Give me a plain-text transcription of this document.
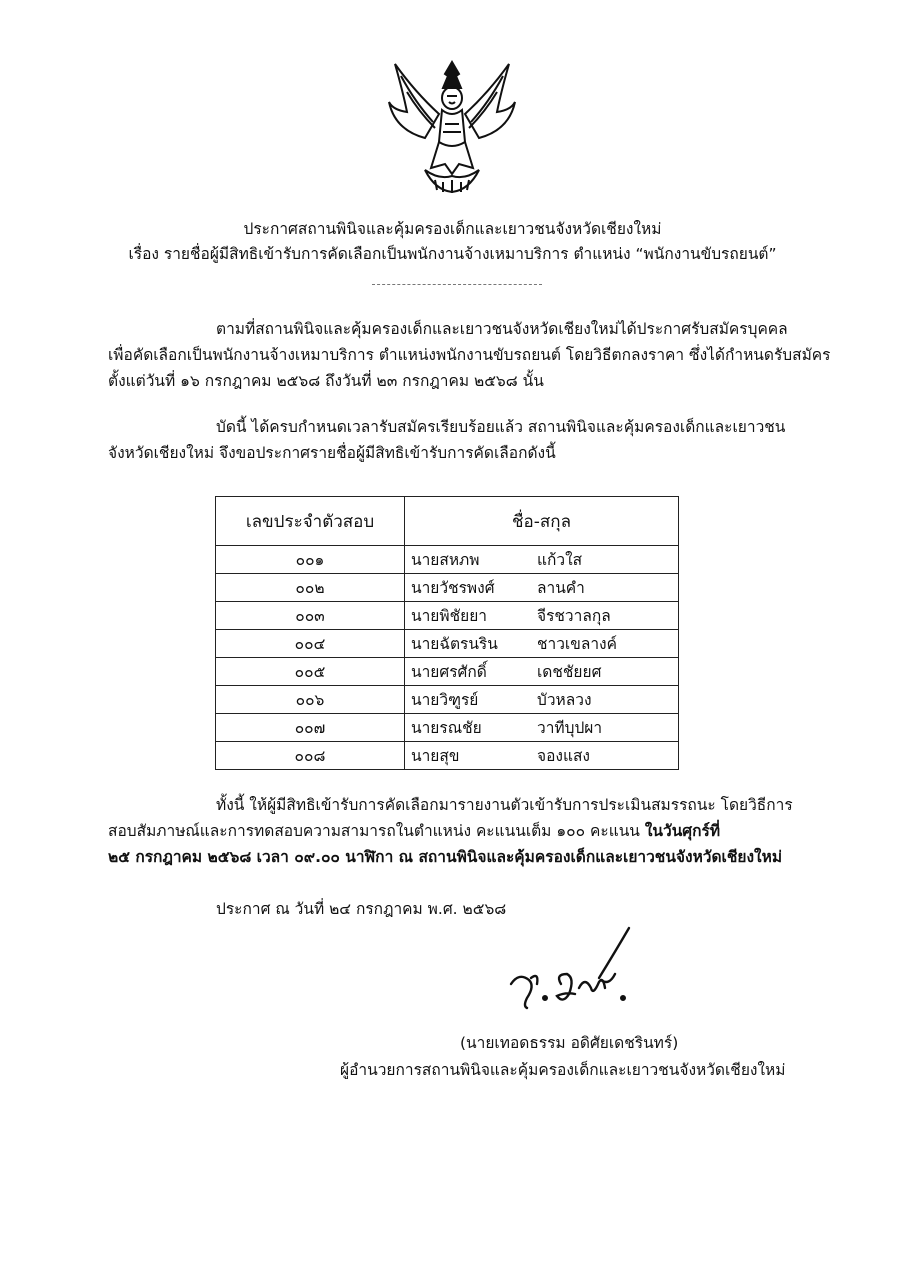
ประกาศสถานพินิจและคุ้มครองเด็กและเยาวชนจังหวัดเชียงใหม่
เรื่อง รายชื่อผู้มีสิทธิเข้ารับการคัดเลือกเป็นพนักงานจ้างเหมาบริการ ตำแหน่ง “พนักงานขับรถยนต์”
ตามที่สถานพินิจและคุ้มครองเด็กและเยาวชนจังหวัดเชียงใหม่ได้ประกาศรับสมัครบุคคล
เพื่อคัดเลือกเป็นพนักงานจ้างเหมาบริการ ตำแหน่งพนักงานขับรถยนต์ โดยวิธีตกลงราคา ซึ่งได้กำหนดรับสมัคร
ตั้งแต่วันที่ ๑๖ กรกฎาคม ๒๕๖๘ ถึงวันที่ ๒๓ กรกฎาคม ๒๕๖๘ นั้น
บัดนี้ ได้ครบกำหนดเวลารับสมัครเรียบร้อยแล้ว สถานพินิจและคุ้มครองเด็กและเยาวชน
จังหวัดเชียงใหม่ จึงขอประกาศรายชื่อผู้มีสิทธิเข้ารับการคัดเลือกดังนี้
เลขประจำตัวสอบ	ชื่อ-สกุล	
๐๐๑	นายสหภพ	แก้วใส
๐๐๒	นายวัชรพงศ์	ลานคำ
๐๐๓	นายพิชัยยา	จีรชวาลกุล
๐๐๔	นายฉัตรนริน	ชาวเขลางค์
๐๐๕	นายศรศักดิ์	เดชชัยยศ
๐๐๖	นายวิฑูรย์	บัวหลวง
๐๐๗	นายรณชัย	วาทีบุปผา
๐๐๘	นายสุข	จองแสง
ทั้งนี้ ให้ผู้มีสิทธิเข้ารับการคัดเลือกมารายงานตัวเข้ารับการประเมินสมรรถนะ โดยวิธีการ
สอบสัมภาษณ์และการทดสอบความสามารถในตำแหน่ง คะแนนเต็ม ๑๐๐ คะแนน ในวันศุกร์ที่
๒๕ กรกฎาคม ๒๕๖๘ เวลา ๐๙.๐๐ นาฬิกา ณ สถานพินิจและคุ้มครองเด็กและเยาวชนจังหวัดเชียงใหม่
ประกาศ ณ วันที่ ๒๔ กรกฎาคม พ.ศ. ๒๕๖๘
(นายเทอดธรรม อดิศัยเดชรินทร์)
ผู้อำนวยการสถานพินิจและคุ้มครองเด็กและเยาวชนจังหวัดเชียงใหม่
